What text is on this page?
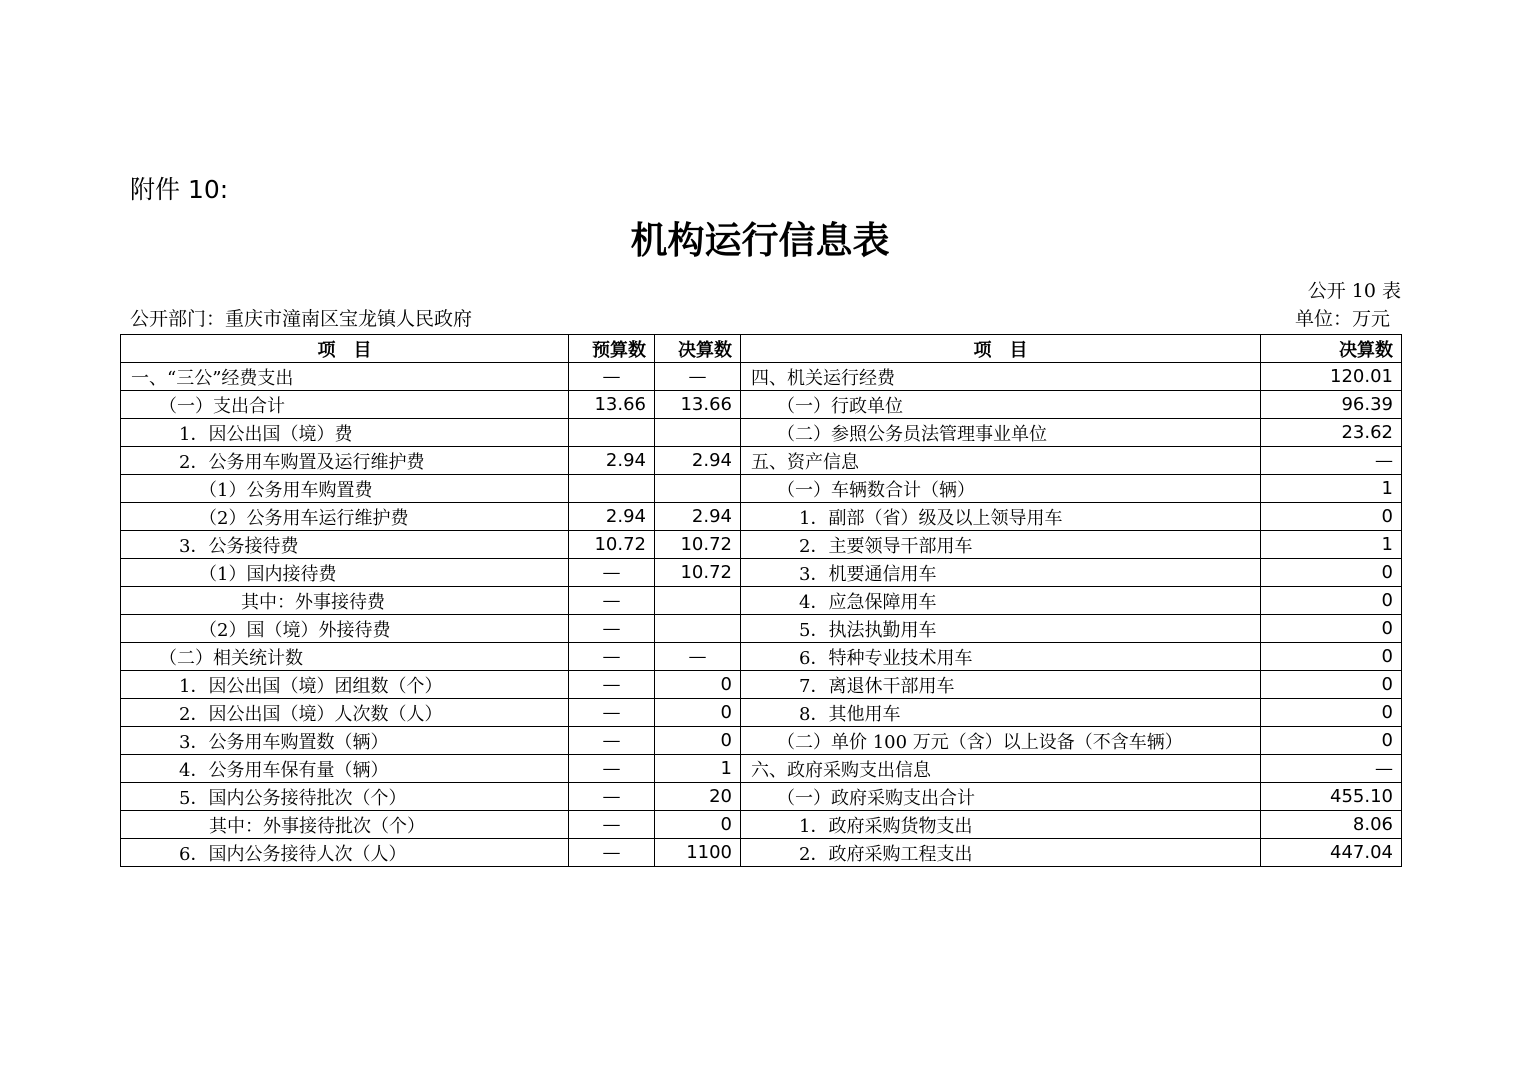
附件 10:
机构运行信息表
公开 10 表
公开部门：重庆市潼南区宝龙镇人民政府	单位：万元
项　目	预算数	决算数	项　目	决算数
一、“三公”经费支出	—	—	四、机关运行经费	120.01
（一）支出合计	13.66	13.66	（一）行政单位	96.39
1．因公出国（境）费			（二）参照公务员法管理事业单位	23.62
2．公务用车购置及运行维护费	2.94	2.94	五、资产信息	—
（1）公务用车购置费			（一）车辆数合计（辆）	1
（2）公务用车运行维护费	2.94	2.94	1．副部（省）级及以上领导用车	0
3．公务接待费	10.72	10.72	2．主要领导干部用车	1
（1）国内接待费	—	10.72	3．机要通信用车	0
其中：外事接待费	—		4．应急保障用车	0
（2）国（境）外接待费	—		5．执法执勤用车	0
（二）相关统计数	—	—	6．特种专业技术用车	0
1．因公出国（境）团组数（个）	—	0	7．离退休干部用车	0
2．因公出国（境）人次数（人）	—	0	8．其他用车	0
3．公务用车购置数（辆）	—	0	（二）单价 100 万元（含）以上设备（不含车辆）	0
4．公务用车保有量（辆）	—	1	六、政府采购支出信息	—
5．国内公务接待批次（个）	—	20	（一）政府采购支出合计	455.10
其中：外事接待批次（个）	—	0	1．政府采购货物支出	8.06
6．国内公务接待人次（人）	—	1100	2．政府采购工程支出	447.04
